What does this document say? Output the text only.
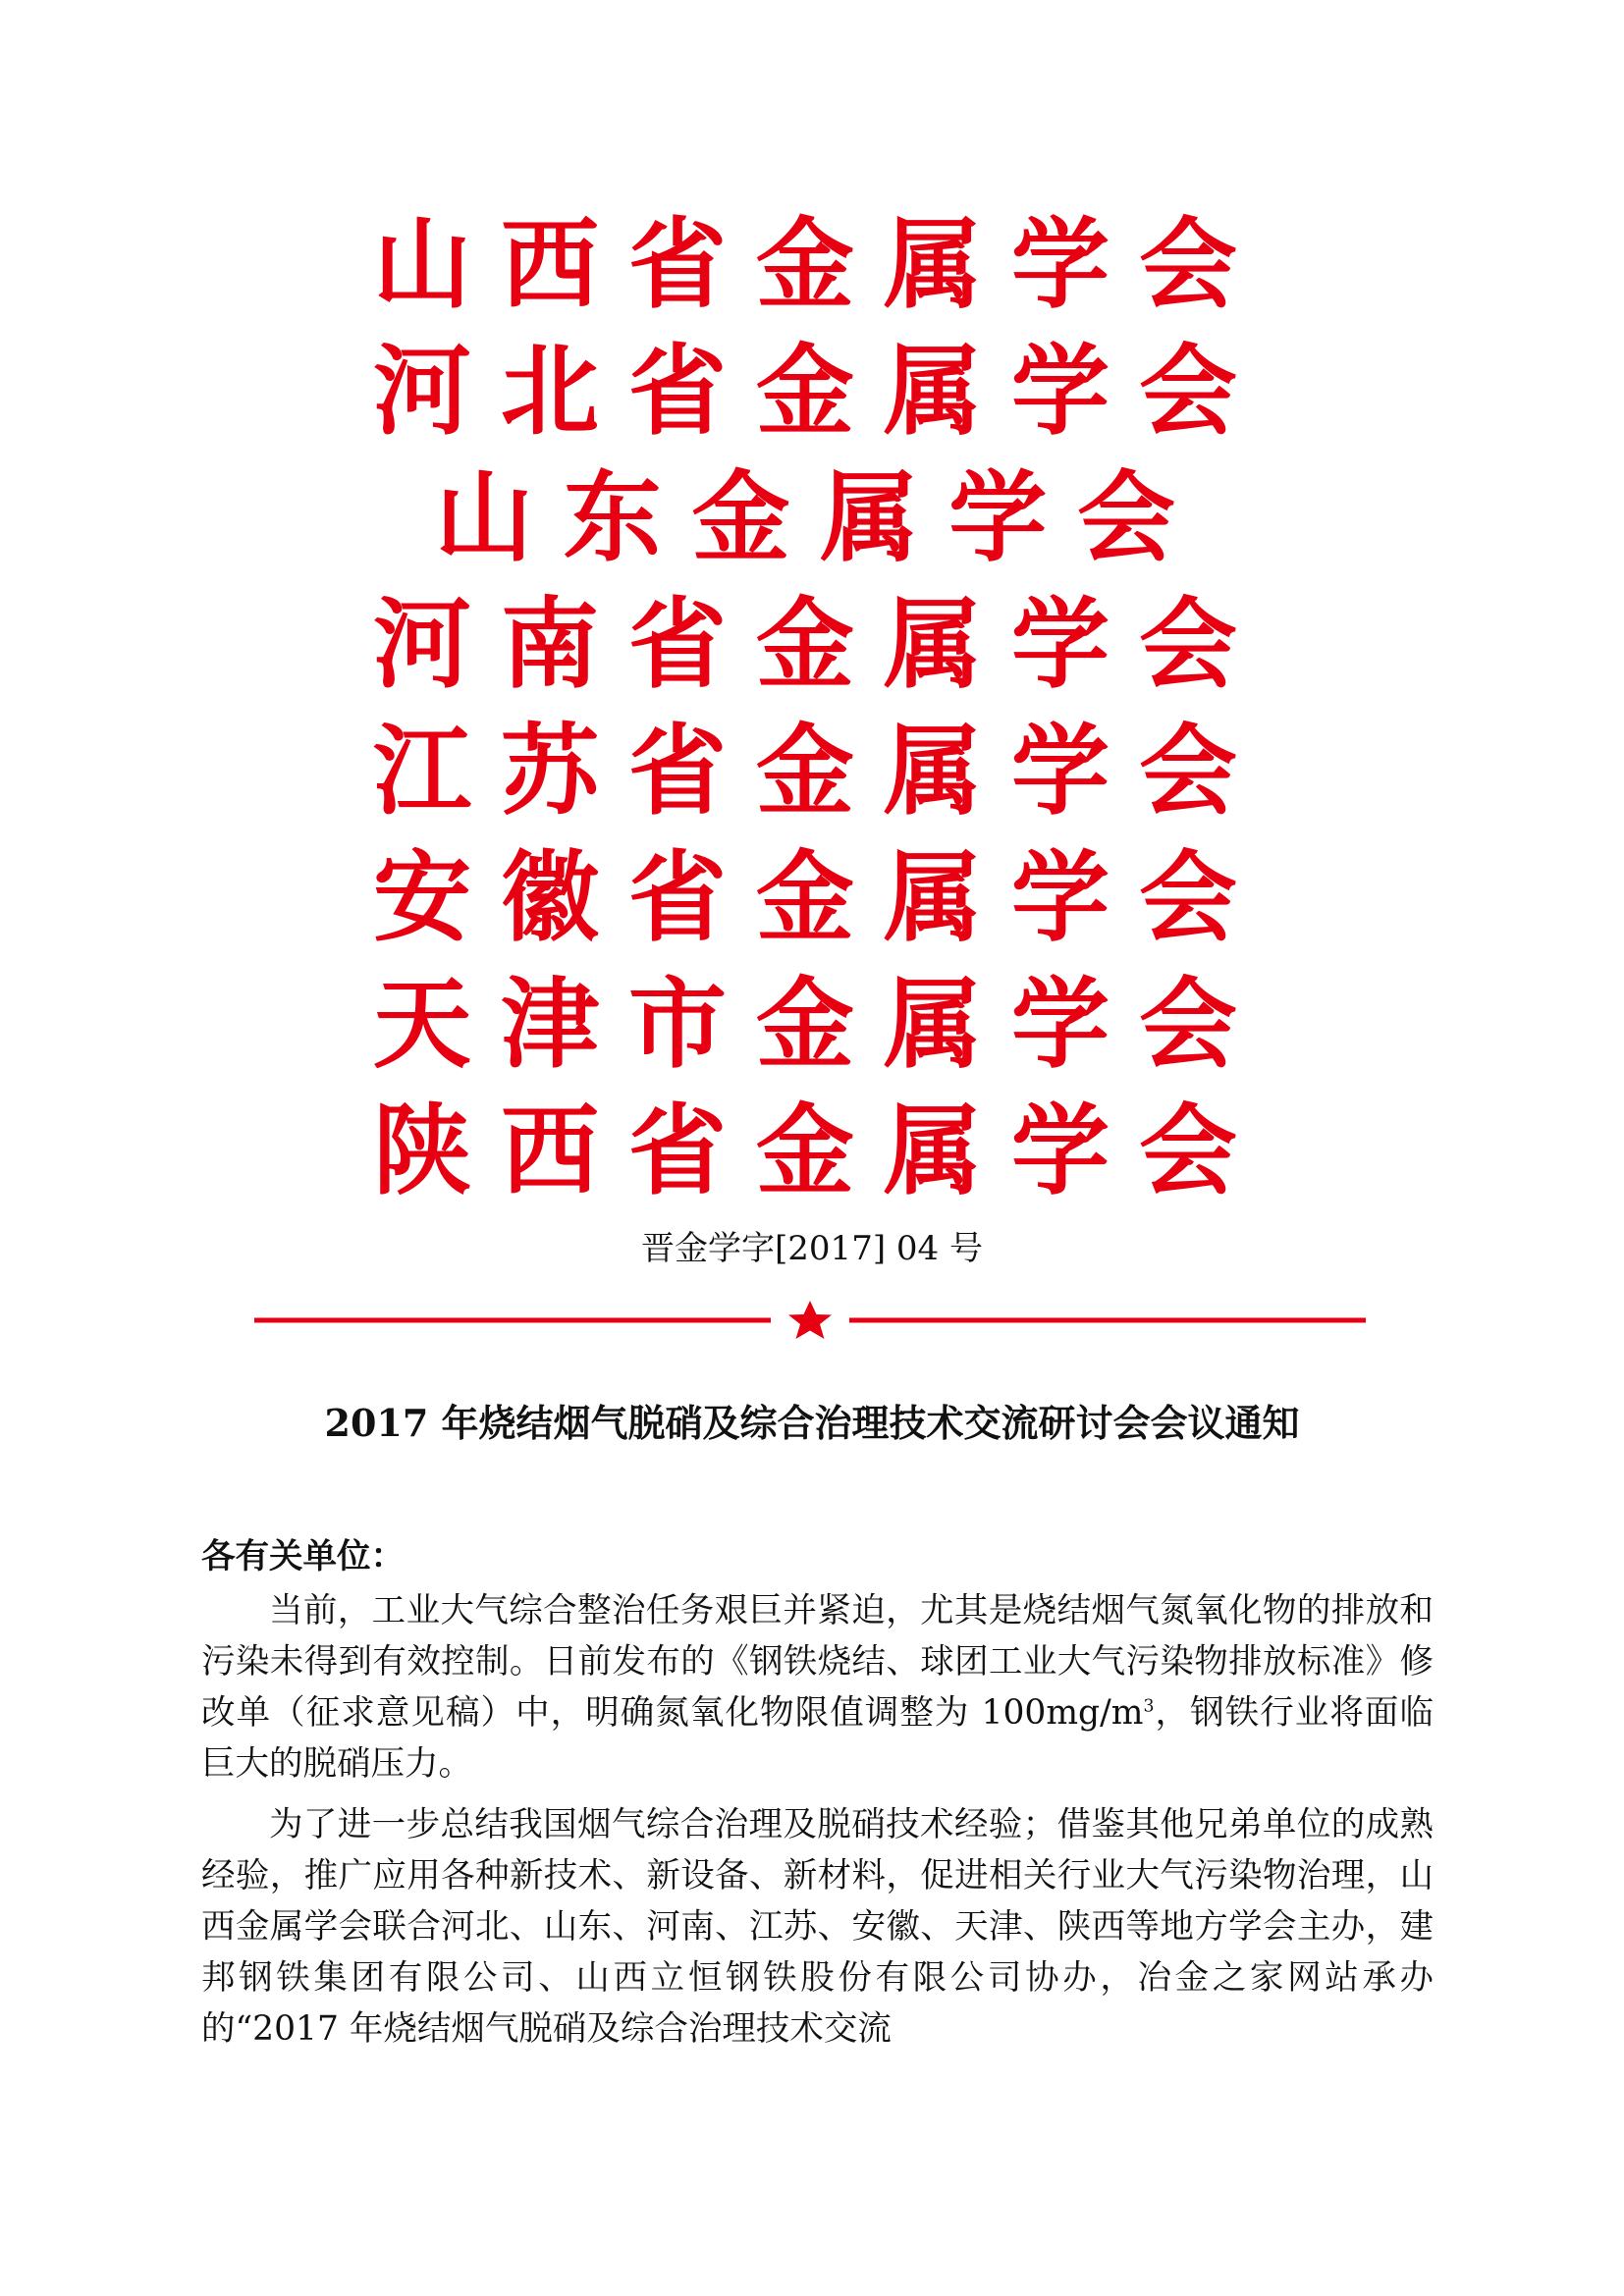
山西省金属学会
河北省金属学会
山东金属学会
河南省金属学会
江苏省金属学会
安徽省金属学会
天津市金属学会
陕西省金属学会
晋金学字[2017] 04 号
2017 年烧结烟气脱硝及综合治理技术交流研讨会会议通知
各有关单位：

当前，工业大气综合整治任务艰巨并紧迫，尤其是烧结烟气氮氧化物的排放和污染未得到有效控制。日前发布的《钢铁烧结、球团工业大气污染物排放标准》修改单（征求意见稿）中，明确氮氧化物限值调整为 $100mg/m^3$，钢铁行业将面临巨大的脱硝压力。

为了进一步总结我国烟气综合治理及脱硝技术经验；借鉴其他兄弟单位的成熟经验，推广应用各种新技术、新设备、新材料，促进相关行业大气污染物治理，山西金属学会联合河北、山东、河南、江苏、安徽、天津、陕西等地方学会主办，建邦钢铁集团有限公司、山西立恒钢铁股份有限公司协办，冶金之家网站承办的“2017 年烧结烟气脱硝及综合治理技术交流
